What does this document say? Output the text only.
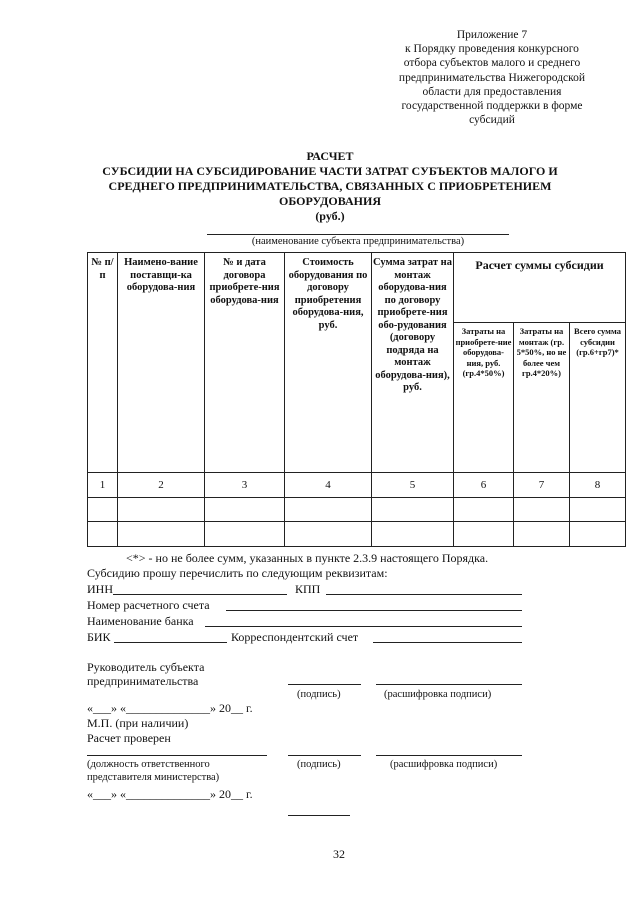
Приложение 7
к Порядку проведения конкурсного
отбора субъектов малого и среднего
предпринимательства Нижегородской
области для предоставления
государственной поддержки в форме
субсидий
РАСЧЕТ
СУБСИДИИ НА СУБСИДИРОВАНИЕ ЧАСТИ ЗАТРАТ СУБЪЕКТОВ МАЛОГО И
СРЕДНЕГО ПРЕДПРИНИМАТЕЛЬСТВА, СВЯЗАННЫХ С ПРИОБРЕТЕНИЕМ
ОБОРУДОВАНИЯ
(руб.)
(наименование субъекта предпринимательства)
№ п/п	Наимено-вание поставщи-ка оборудова-ния	№ и дата договора приобрете-ния оборудова-ния	Стоимость оборудования по договору приобретения оборудова-ния, руб.	Сумма затрат на монтаж оборудова-ния по договору приобрете-ния обо-рудования (договору подряда на монтаж оборудова-ния), руб.	Расчет суммы субсидии		
					Затраты на приобрете-ние оборудова-ния, руб. (гр.4*50%)	Затраты на монтаж (гр. 5*50%, но не более чем гр.4*20%)	Всего сумма субсидии (гр.6+гр7)*
1	2	3	4	5	6	7	8

<*> - но не более сумм, указанных в пункте 2.3.9 настоящего Порядка.
Субсидию прошу перечислить по следующим реквизитам:
ИНН	КПП
Номер расчетного счета
Наименование банка
БИК	Корреспондентский счет
Руководитель субъекта
предпринимательства
(подпись)	(расшифровка подписи)
«___» «______________» 20__ г.
М.П. (при наличии)
Расчет проверен
(должность ответственного
представителя министерства)
(подпись)	(расшифровка подписи)
«___» «______________» 20__ г.
32
